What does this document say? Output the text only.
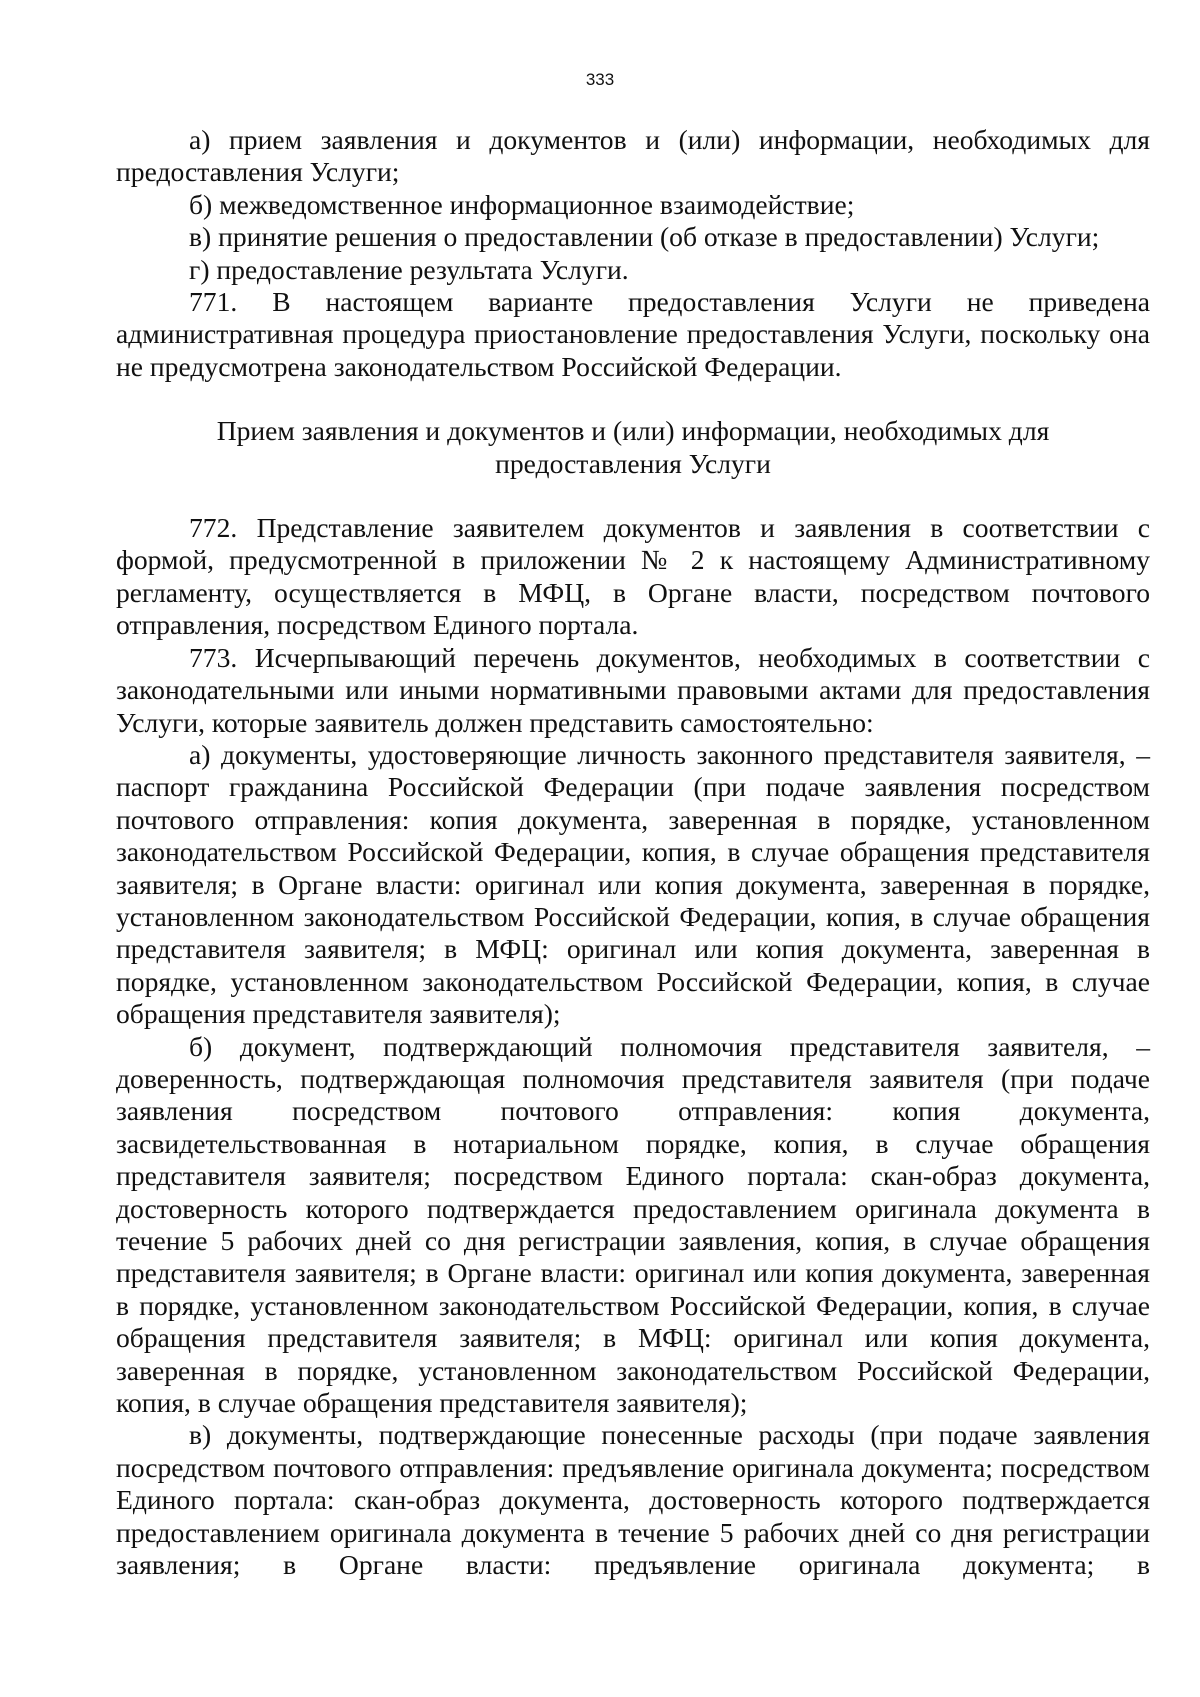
333

а) прием заявления и документов и (или) информации, необходимых для предоставления Услуги;

б) межведомственное информационное взаимодействие;

в) принятие решения о предоставлении (об отказе в предоставлении) Услуги;

г) предоставление результата Услуги.

771. В настоящем варианте предоставления Услуги не приведена административная процедура приостановление предоставления Услуги, поскольку она не предусмотрена законодательством Российской Федерации.

Прием заявления и документов и (или) информации, необходимых для предоставления Услуги

772. Представление заявителем документов и заявления в соответствии с формой, предусмотренной в приложении № 2 к настоящему Административному регламенту, осуществляется в МФЦ, в Органе власти, посредством почтового отправления, посредством Единого портала.

773. Исчерпывающий перечень документов, необходимых в соответствии с законодательными или иными нормативными правовыми актами для предоставления Услуги, которые заявитель должен представить самостоятельно:

а) документы, удостоверяющие личность законного представителя заявителя, – паспорт гражданина Российской Федерации (при подаче заявления посредством почтового отправления: копия документа, заверенная в порядке, установленном законодательством Российской Федерации, копия, в случае обращения представителя заявителя; в Органе власти: оригинал или копия документа, заверенная в порядке, установленном законодательством Российской Федерации, копия, в случае обращения представителя заявителя; в МФЦ: оригинал или копия документа, заверенная в порядке, установленном законодательством Российской Федерации, копия, в случае обращения представителя заявителя);

б) документ, подтверждающий полномочия представителя заявителя, – доверенность, подтверждающая полномочия представителя заявителя (при подаче заявления посредством почтового отправления: копия документа, засвидетельствованная в нотариальном порядке, копия, в случае обращения представителя заявителя; посредством Единого портала: скан-образ документа, достоверность которого подтверждается предоставлением оригинала документа в течение 5 рабочих дней со дня регистрации заявления, копия, в случае обращения представителя заявителя; в Органе власти: оригинал или копия документа, заверенная в порядке, установленном законодательством Российской Федерации, копия, в случае обращения представителя заявителя; в МФЦ: оригинал или копия документа, заверенная в порядке, установленном законодательством Российской Федерации, копия, в случае обращения представителя заявителя);

в) документы, подтверждающие понесенные расходы (при подаче заявления посредством почтового отправления: предъявление оригинала документа; посредством Единого портала: скан-образ документа, достоверность которого подтверждается предоставлением оригинала документа в течение 5 рабочих дней со дня регистрации заявления; в Органе власти: предъявление оригинала документа; в
